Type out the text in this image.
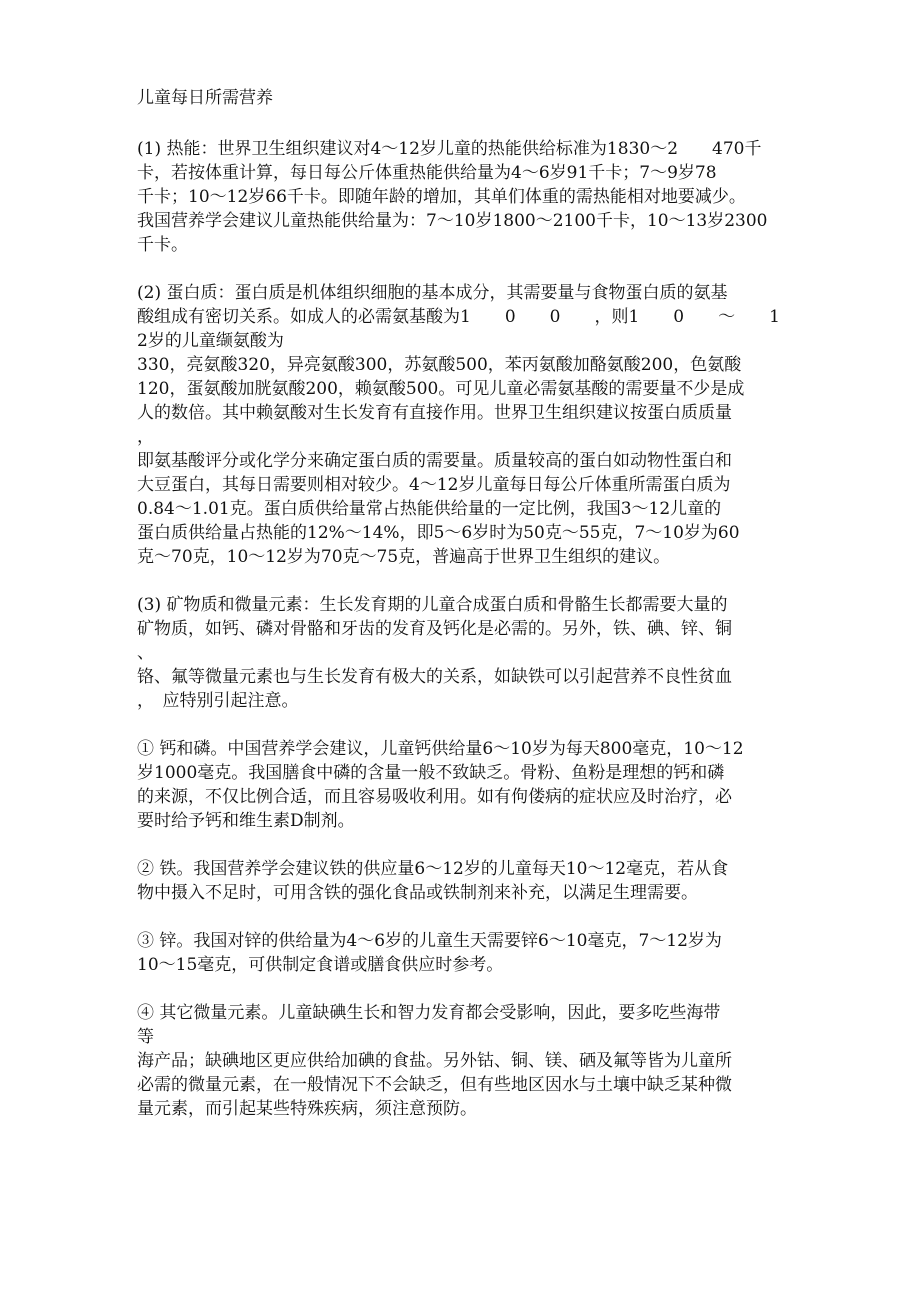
儿童每日所需营养
(1) 热能：世界卫生组织建议对4～12岁儿童的热能供给标准为1830～2　　470千
卡，若按体重计算，每日每公斤体重热能供给量为4～6岁91千卡；7～9岁78
千卡；10～12岁66千卡。即随年龄的增加，其单们体重的需热能相对地要减少。
我国营养学会建议儿童热能供给量为：7～10岁1800～2100千卡，10～13岁2300
千卡。
(2) 蛋白质：蛋白质是机体组织细胞的基本成分，其需要量与食物蛋白质的氨基
酸组成有密切关系。如成人的必需氨基酸为1　　0　　0　　，则1　　0　　～　　1
2岁的儿童缬氨酸为
330，亮氨酸320，异亮氨酸300，苏氨酸500，苯丙氨酸加酪氨酸200，色氨酸
120，蛋氨酸加胱氨酸200，赖氨酸500。可见儿童必需氨基酸的需要量不少是成
人的数倍。其中赖氨酸对生长发育有直接作用。世界卫生组织建议按蛋白质质量
，
即氨基酸评分或化学分来确定蛋白质的需要量。质量较高的蛋白如动物性蛋白和
大豆蛋白，其每日需要则相对较少。4～12岁儿童每日每公斤体重所需蛋白质为
0.84～1.01克。蛋白质供给量常占热能供给量的一定比例，我国3～12儿童的
蛋白质供给量占热能的12%～14%，即5～6岁时为50克～55克，7～10岁为60
克～70克，10～12岁为70克～75克，普遍高于世界卫生组织的建议。
(3) 矿物质和微量元素：生长发育期的儿童合成蛋白质和骨骼生长都需要大量的
矿物质，如钙、磷对骨骼和牙齿的发育及钙化是必需的。另外，铁、碘、锌、铜
、
铬、氟等微量元素也与生长发育有极大的关系，如缺铁可以引起营养不良性贫血
，　应特别引起注意。
① 钙和磷。中国营养学会建议，儿童钙供给量6～10岁为每天800毫克，10～12
岁1000毫克。我国膳食中磷的含量一般不致缺乏。骨粉、鱼粉是理想的钙和磷
的来源，不仅比例合适，而且容易吸收利用。如有佝偻病的症状应及时治疗，必
要时给予钙和维生素D制剂。
② 铁。我国营养学会建议铁的供应量6～12岁的儿童每天10～12毫克，若从食
物中摄入不足时，可用含铁的强化食品或铁制剂来补充，以满足生理需要。
③ 锌。我国对锌的供给量为4～6岁的儿童生天需要锌6～10毫克，7～12岁为
10～15毫克，可供制定食谱或膳食供应时参考。
④ 其它微量元素。儿童缺碘生长和智力发育都会受影响，因此，要多吃些海带
等
海产品；缺碘地区更应供给加碘的食盐。另外钴、铜、镁、硒及氟等皆为儿童所
必需的微量元素，在一般情况下不会缺乏，但有些地区因水与土壤中缺乏某种微
量元素，而引起某些特殊疾病，须注意预防。
